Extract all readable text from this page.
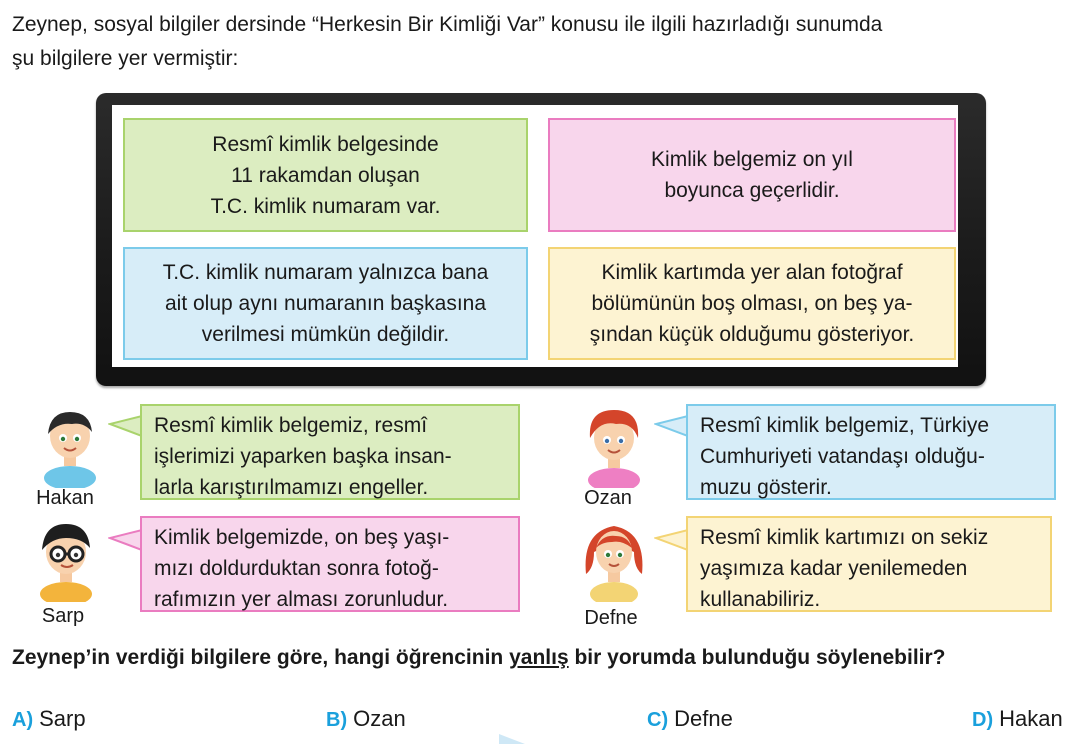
Zeynep, sosyal bilgiler dersinde “Herkesin Bir Kimliği Var” konusu ile ilgili hazırladığı sunumda
şu bilgilere yer vermiştir:

Resmî kimlik belgesinde
11 rakamdan oluşan
T.C. kimlik numaram var.
Kimlik belgemiz on yıl
boyunca geçerlidir.
T.C. kimlik numaram yalnızca bana
ait olup aynı numaranın başkasına
verilmesi mümkün değildir.
Kimlik kartımda yer alan fotoğraf
bölümünün boş olması, on beş ya-
şından küçük olduğumu gösteriyor.
Hakan
Resmî kimlik belgemiz, resmî
işlerimizi yaparken başka insan-
larla karıştırılmamızı engeller.
Sarp
Kimlik belgemizde, on beş yaşı-
mızı doldurduktan sonra fotoğ-
rafımızın yer alması zorunludur.
Ozan
Resmî kimlik belgemiz, Türkiye
Cumhuriyeti vatandaşı olduğu-
muzu gösterir.
Defne
Resmî kimlik kartımızı on sekiz
yaşımıza kadar yenilemeden
kullanabiliriz.

Zeynep’in verdiği bilgilere göre, hangi öğrencinin yanlış bir yorumda bulunduğu söylenebilir?

A) Sarp	B) Ozan	C) Defne	D) Hakan
